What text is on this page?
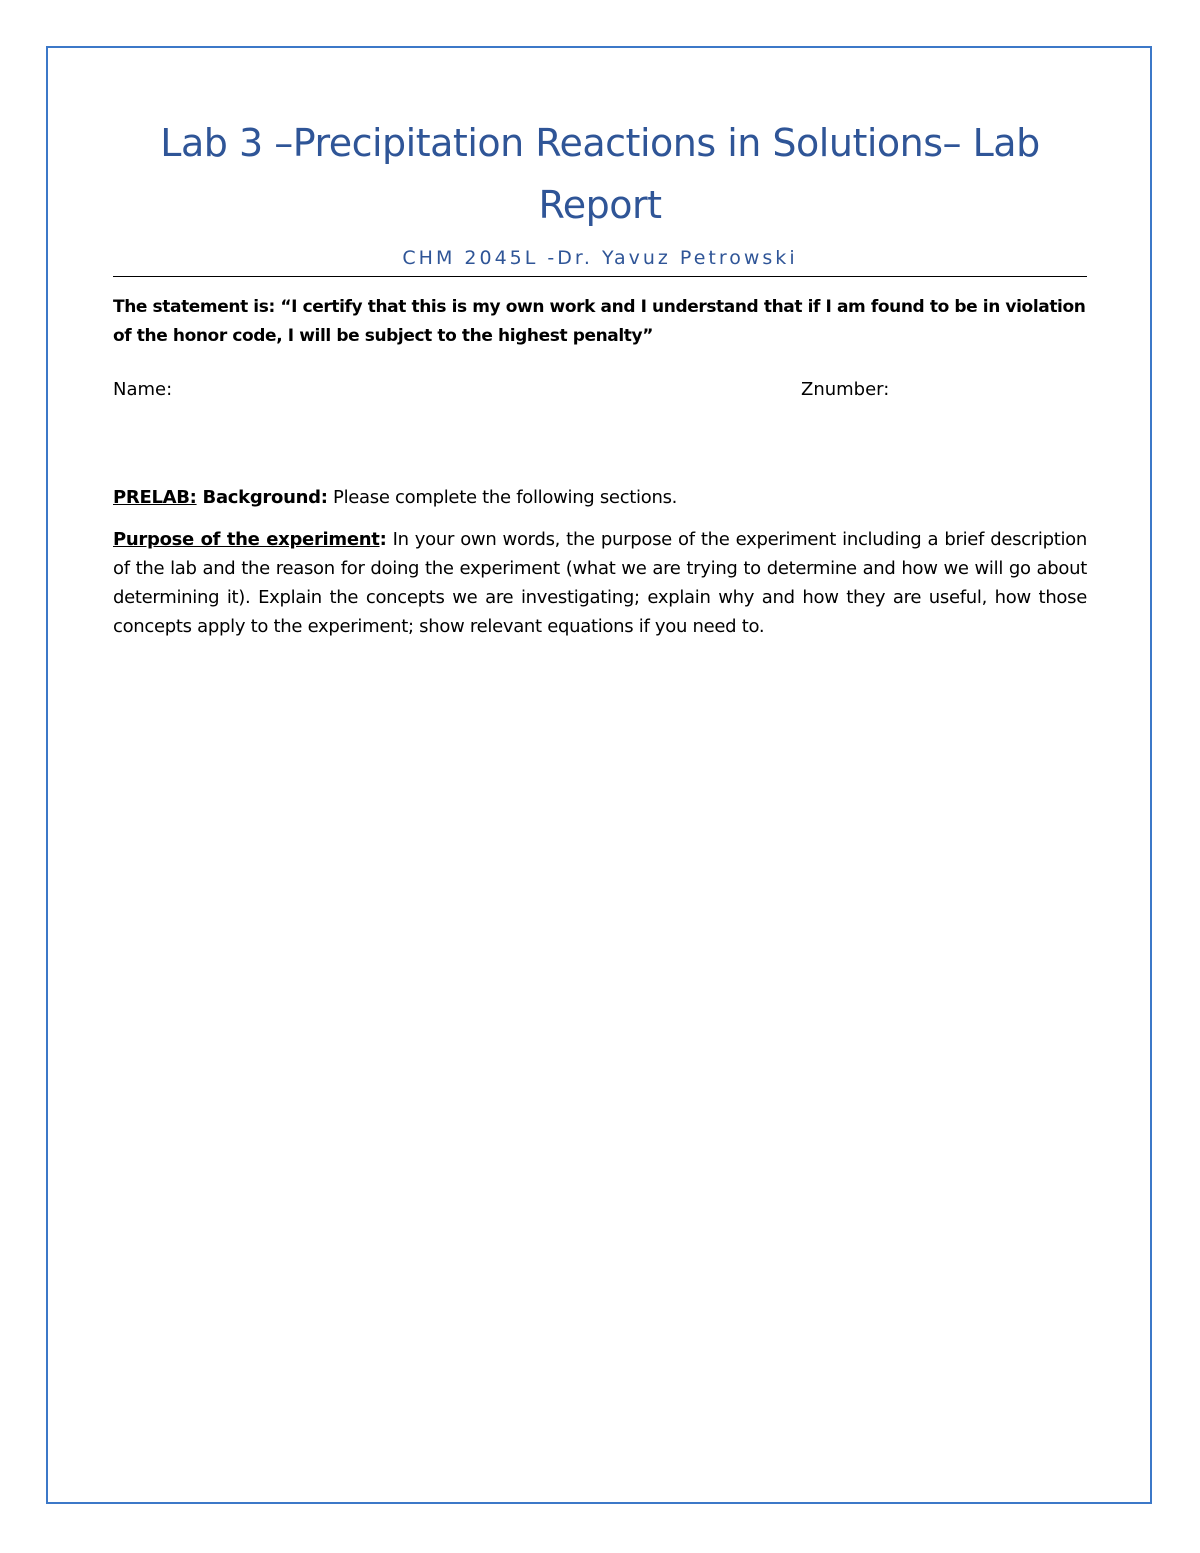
Lab 3 –Precipitation Reactions in Solutions– Lab Report
CHM 2045L -Dr. Yavuz Petrowski
The statement is: “I certify that this is my own work and I understand that if I am found to be in violation of the honor code, I will be subject to the highest penalty”
Name:	Znumber:
PRELAB: Background: Please complete the following sections.
Purpose of the experiment: In your own words, the purpose of the experiment including a brief description of the lab and the reason for doing the experiment (what we are trying to determine and how we will go about determining it). Explain the concepts we are investigating; explain why and how they are useful, how those concepts apply to the experiment; show relevant equations if you need to.
